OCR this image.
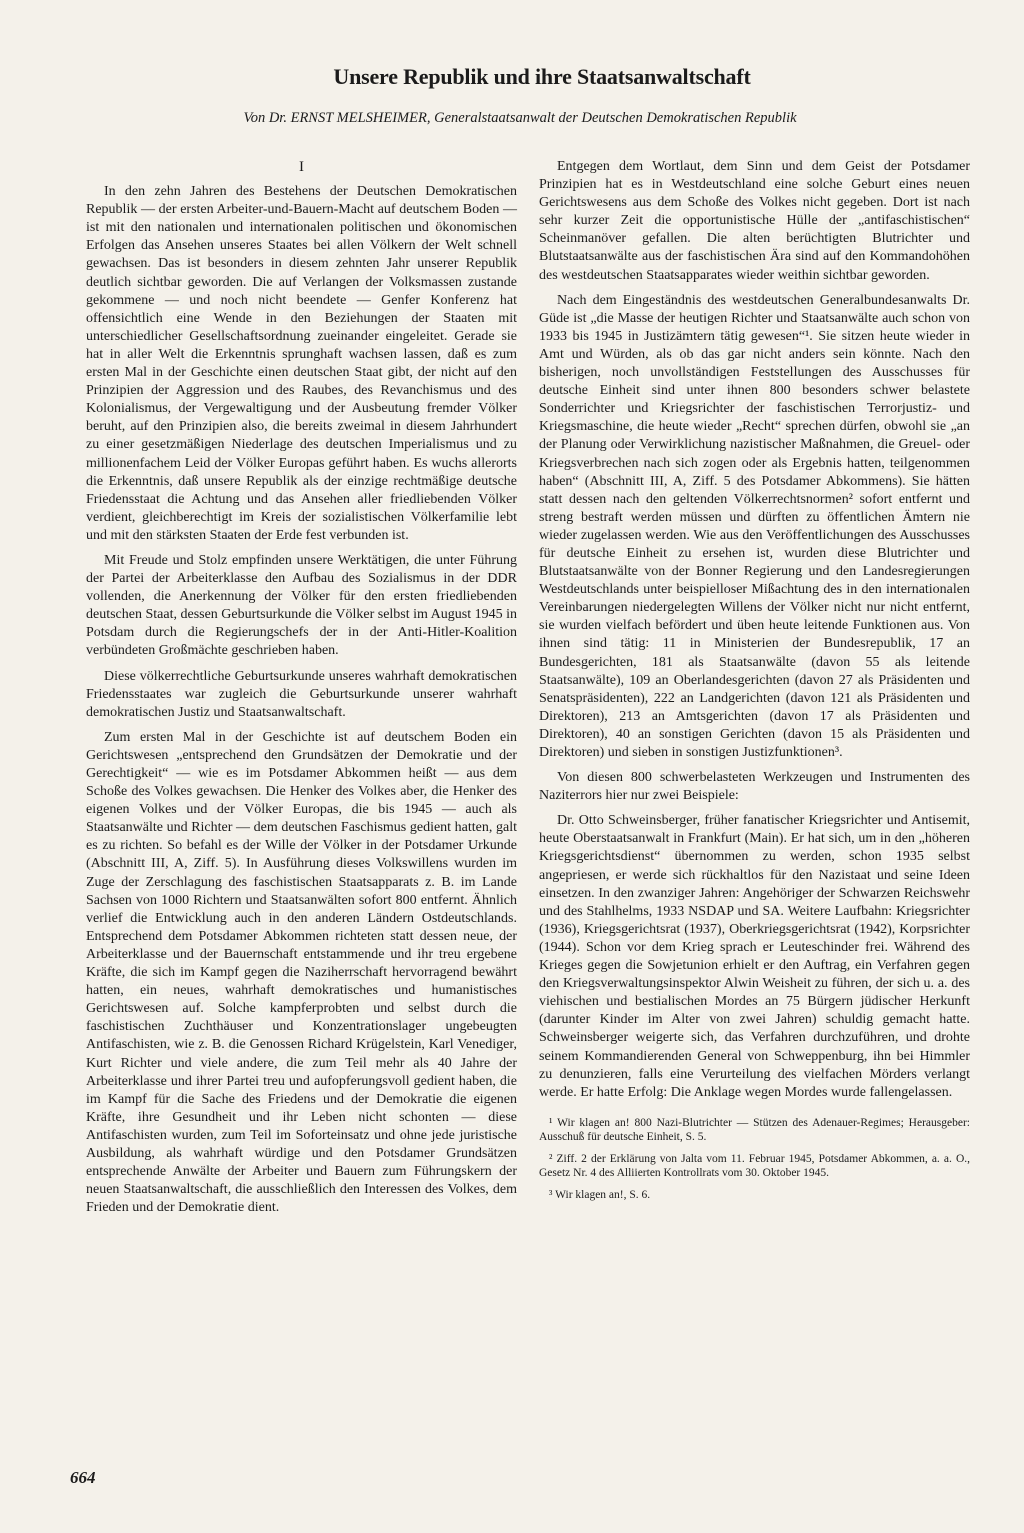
Unsere Republik und ihre Staatsanwaltschaft

Von Dr. ERNST MELSHEIMER, Generalstaatsanwalt der Deutschen Demokratischen Republik

I

In den zehn Jahren des Bestehens der Deutschen Demokratischen Republik — der ersten Arbeiter-und-Bauern-Macht auf deutschem Boden — ist mit den nationalen und internationalen politischen und ökonomischen Erfolgen das Ansehen unseres Staates bei allen Völkern der Welt schnell gewachsen. Das ist besonders in diesem zehnten Jahr unserer Republik deutlich sichtbar geworden. Die auf Verlangen der Volksmassen zustande gekommene — und noch nicht beendete — Genfer Konferenz hat offensichtlich eine Wende in den Beziehungen der Staaten mit unterschiedlicher Gesellschaftsordnung zueinander eingeleitet. Gerade sie hat in aller Welt die Erkenntnis sprunghaft wachsen lassen, daß es zum ersten Mal in der Geschichte einen deutschen Staat gibt, der nicht auf den Prinzipien der Aggression und des Raubes, des Revanchismus und des Kolonialismus, der Vergewaltigung und der Ausbeutung fremder Völker beruht, auf den Prinzipien also, die bereits zweimal in diesem Jahrhundert zu einer gesetzmäßigen Niederlage des deutschen Imperialismus und zu millionenfachem Leid der Völker Europas geführt haben. Es wuchs allerorts die Erkenntnis, daß unsere Republik als der einzige rechtmäßige deutsche Friedensstaat die Achtung und das Ansehen aller friedliebenden Völker verdient, gleichberechtigt im Kreis der sozialistischen Völkerfamilie lebt und mit den stärksten Staaten der Erde fest verbunden ist.

Mit Freude und Stolz empfinden unsere Werktätigen, die unter Führung der Partei der Arbeiterklasse den Aufbau des Sozialismus in der DDR vollenden, die Anerkennung der Völker für den ersten friedliebenden deutschen Staat, dessen Geburtsurkunde die Völker selbst im August 1945 in Potsdam durch die Regierungschefs der in der Anti-Hitler-Koalition verbündeten Großmächte geschrieben haben.

Diese völkerrechtliche Geburtsurkunde unseres wahrhaft demokratischen Friedensstaates war zugleich die Geburtsurkunde unserer wahrhaft demokratischen Justiz und Staatsanwaltschaft.

Zum ersten Mal in der Geschichte ist auf deutschem Boden ein Gerichtswesen „entsprechend den Grundsätzen der Demokratie und der Gerechtigkeit“ — wie es im Potsdamer Abkommen heißt — aus dem Schoße des Volkes gewachsen. Die Henker des Volkes aber, die Henker des eigenen Volkes und der Völker Europas, die bis 1945 — auch als Staatsanwälte und Richter — dem deutschen Faschismus gedient hatten, galt es zu richten. So befahl es der Wille der Völker in der Potsdamer Urkunde (Abschnitt III, A, Ziff. 5). In Ausführung dieses Volkswillens wurden im Zuge der Zerschlagung des faschistischen Staatsapparats z. B. im Lande Sachsen von 1000 Richtern und Staatsanwälten sofort 800 entfernt. Ähnlich verlief die Entwicklung auch in den anderen Ländern Ostdeutschlands. Entsprechend dem Potsdamer Abkommen richteten statt dessen neue, der Arbeiterklasse und der Bauernschaft entstammende und ihr treu ergebene Kräfte, die sich im Kampf gegen die Naziherrschaft hervorragend bewährt hatten, ein neues, wahrhaft demokratisches und humanistisches Gerichtswesen auf. Solche kampferprobten und selbst durch die faschistischen Zuchthäuser und Konzentrationslager ungebeugten Antifaschisten, wie z. B. die Genossen Richard Krügelstein, Karl Venediger, Kurt Richter und viele andere, die zum Teil mehr als 40 Jahre der Arbeiterklasse und ihrer Partei treu und aufopferungsvoll gedient haben, die im Kampf für die Sache des Friedens und der Demokratie die eigenen Kräfte, ihre Gesundheit und ihr Leben nicht schonten — diese Antifaschisten wurden, zum Teil im Soforteinsatz und ohne jede juristische Ausbildung, als wahrhaft würdige und den Potsdamer Grundsätzen entsprechende Anwälte der Arbeiter und Bauern zum Führungskern der neuen Staatsanwaltschaft, die ausschließlich den Interessen des Volkes, dem Frieden und der Demokratie dient.

Entgegen dem Wortlaut, dem Sinn und dem Geist der Potsdamer Prinzipien hat es in Westdeutschland eine solche Geburt eines neuen Gerichtswesens aus dem Schoße des Volkes nicht gegeben. Dort ist nach sehr kurzer Zeit die opportunistische Hülle der „antifaschistischen“ Scheinmanöver gefallen. Die alten berüchtigten Blutrichter und Blutstaatsanwälte aus der faschistischen Ära sind auf den Kommandohöhen des westdeutschen Staatsapparates wieder weithin sichtbar geworden.

Nach dem Eingeständnis des westdeutschen Generalbundesanwalts Dr. Güde ist „die Masse der heutigen Richter und Staatsanwälte auch schon von 1933 bis 1945 in Justizämtern tätig gewesen“¹. Sie sitzen heute wieder in Amt und Würden, als ob das gar nicht anders sein könnte. Nach den bisherigen, noch unvollständigen Feststellungen des Ausschusses für deutsche Einheit sind unter ihnen 800 besonders schwer belastete Sonderrichter und Kriegsrichter der faschistischen Terrorjustiz- und Kriegsmaschine, die heute wieder „Recht“ sprechen dürfen, obwohl sie „an der Planung oder Verwirklichung nazistischer Maßnahmen, die Greuel- oder Kriegsverbrechen nach sich zogen oder als Ergebnis hatten, teilgenommen haben“ (Abschnitt III, A, Ziff. 5 des Potsdamer Abkommens). Sie hätten statt dessen nach den geltenden Völkerrechtsnormen² sofort entfernt und streng bestraft werden müssen und dürften zu öffentlichen Ämtern nie wieder zugelassen werden. Wie aus den Veröffentlichungen des Ausschusses für deutsche Einheit zu ersehen ist, wurden diese Blutrichter und Blutstaatsanwälte von der Bonner Regierung und den Landesregierungen Westdeutschlands unter beispielloser Mißachtung des in den internationalen Vereinbarungen niedergelegten Willens der Völker nicht nur nicht entfernt, sie wurden vielfach befördert und üben heute leitende Funktionen aus. Von ihnen sind tätig: 11 in Ministerien der Bundesrepublik, 17 an Bundesgerichten, 181 als Staatsanwälte (davon 55 als leitende Staatsanwälte), 109 an Oberlandesgerichten (davon 27 als Präsidenten und Senatspräsidenten), 222 an Landgerichten (davon 121 als Präsidenten und Direktoren), 213 an Amtsgerichten (davon 17 als Präsidenten und Direktoren), 40 an sonstigen Gerichten (davon 15 als Präsidenten und Direktoren) und sieben in sonstigen Justizfunktionen³.

Von diesen 800 schwerbelasteten Werkzeugen und Instrumenten des Naziterrors hier nur zwei Beispiele:

Dr. Otto Schweinsberger, früher fanatischer Kriegsrichter und Antisemit, heute Oberstaatsanwalt in Frankfurt (Main). Er hat sich, um in den „höheren Kriegsgerichtsdienst“ übernommen zu werden, schon 1935 selbst angepriesen, er werde sich rückhaltlos für den Nazistaat und seine Ideen einsetzen. In den zwanziger Jahren: Angehöriger der Schwarzen Reichswehr und des Stahlhelms, 1933 NSDAP und SA. Weitere Laufbahn: Kriegsrichter (1936), Kriegsgerichtsrat (1937), Oberkriegsgerichtsrat (1942), Korpsrichter (1944). Schon vor dem Krieg sprach er Leuteschinder frei. Während des Krieges gegen die Sowjetunion erhielt er den Auftrag, ein Verfahren gegen den Kriegsverwaltungsinspektor Alwin Weisheit zu führen, der sich u. a. des viehischen und bestialischen Mordes an 75 Bürgern jüdischer Herkunft (darunter Kinder im Alter von zwei Jahren) schuldig gemacht hatte. Schweinsberger weigerte sich, das Verfahren durchzuführen, und drohte seinem Kommandierenden General von Schweppenburg, ihn bei Himmler zu denunzieren, falls eine Verurteilung des vielfachen Mörders verlangt werde. Er hatte Erfolg: Die Anklage wegen Mordes wurde fallengelassen.

¹ Wir klagen an! 800 Nazi-Blutrichter — Stützen des Adenauer-Regimes; Herausgeber: Ausschuß für deutsche Einheit, S. 5.

² Ziff. 2 der Erklärung von Jalta vom 11. Februar 1945, Potsdamer Abkommen, a. a. O., Gesetz Nr. 4 des Alliierten Kontrollrats vom 30. Oktober 1945.

³ Wir klagen an!, S. 6.

664
